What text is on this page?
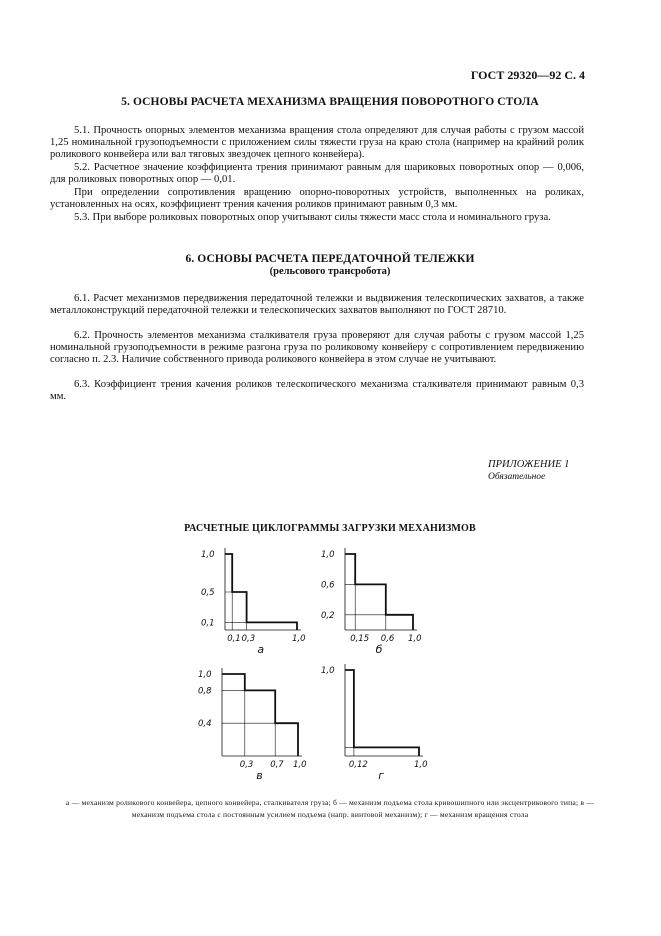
ГОСТ 29320—92 С. 4
5. ОСНОВЫ РАСЧЕТА МЕХАНИЗМА ВРАЩЕНИЯ ПОВОРОТНОГО СТОЛА
5.1. Прочность опорных элементов механизма вращения стола определяют для случая работы с грузом массой 1,25 номинальной грузоподъемности с приложением силы тяжести груза на краю стола (например на крайний ролик роликового конвейера или вал тяговых звездочек цепного конвейера).
5.2. Расчетное значение коэффициента трения принимают равным для шариковых поворотных опор — 0,006, для роликовых поворотных опор — 0,01.
При определении сопротивления вращению опорно-поворотных устройств, выполненных на роликах, установленных на осях, коэффициент трения качения роликов принимают равным 0,3 мм.
5.3. При выборе роликовых поворотных опор учитывают силы тяжести масс стола и номинального груза.
6. ОСНОВЫ РАСЧЕТА ПЕРЕДАТОЧНОЙ ТЕЛЕЖКИ
(рельсового трансробота)
6.1. Расчет механизмов передвижения передаточной тележки и выдвижения телескопических захватов, а также металлоконструкций передаточной тележки и телескопических захватов выполняют по ГОСТ 28710.
6.2. Прочность элементов механизма сталкивателя груза проверяют для случая работы с грузом массой 1,25 номинальной грузоподъемности в режиме разгона груза по роликовому конвейеру с сопротивлением передвижению согласно п. 2.3. Наличие собственного привода роликового конвейера в этом случае не учитывают.
6.3. Коэффициент трения качения роликов телескопического механизма сталкивателя принимают равным 0,3 мм.
ПРИЛОЖЕНИЕ 1
Обязательное
РАСЧЕТНЫЕ ЦИКЛОГРАММЫ ЗАГРУЗКИ МЕХАНИЗМОВ
1,0
0,5
0,1
0,1 0,3	1,0
а
1,0
0,6
0,2
0,15 0,6 1,0
б
1,0
0,8
0,4
0,3 0,7 1,0
в
1,0
0,12	1,0
г
а — механизм роликового конвейера, цепного конвейера, сталкивателя груза; б — механизм подъема стола кривошипного или эксцентрикового типа; в — механизм подъема стола с постоянным усилием подъема (напр. винтовой механизм); г — механизм вращения стола
